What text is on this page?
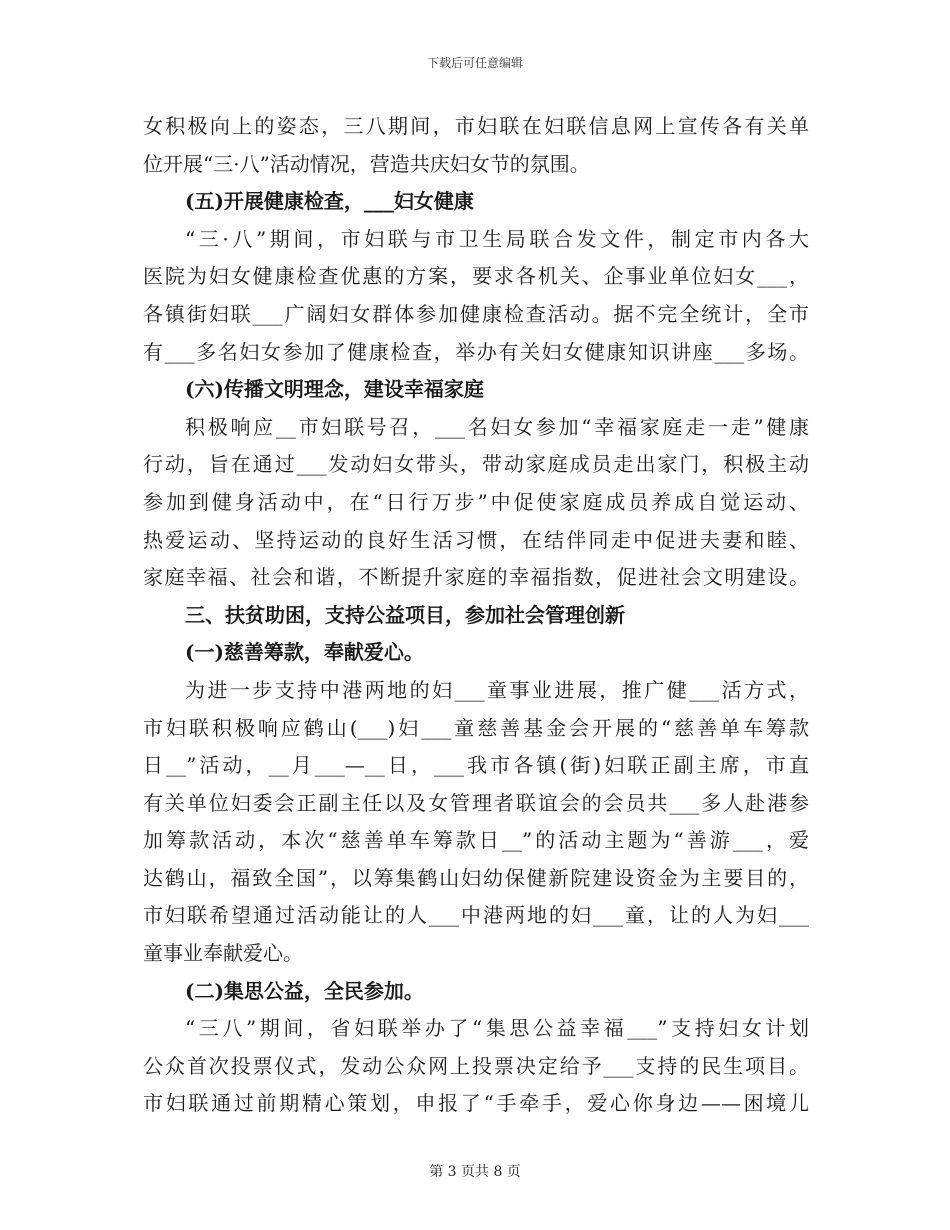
下载后可任意编辑
女积极向上的姿态，三八期间，市妇联在妇联信息网上宣传各有关单
位开展“三·八”活动情况，营造共庆妇女节的氛围。
(五)开展健康检查，___妇女健康
“三·八”期间，市妇联与市卫生局联合发文件，制定市内各大
医院为妇女健康检查优惠的方案，要求各机关、企事业单位妇女___，
各镇街妇联___广阔妇女群体参加健康检查活动。据不完全统计，全市
有___多名妇女参加了健康检查，举办有关妇女健康知识讲座___多场。
(六)传播文明理念，建设幸福家庭
积极响应__市妇联号召，___名妇女参加“幸福家庭走一走”健康
行动，旨在通过___发动妇女带头，带动家庭成员走出家门，积极主动
参加到健身活动中，在“日行万步”中促使家庭成员养成自觉运动、
热爱运动、坚持运动的良好生活习惯，在结伴同走中促进夫妻和睦、
家庭幸福、社会和谐，不断提升家庭的幸福指数，促进社会文明建设。
三、扶贫助困，支持公益项目，参加社会管理创新
(一)慈善筹款，奉献爱心。
为进一步支持中港两地的妇___童事业进展，推广健___活方式，
市妇联积极响应鹤山(___)妇___童慈善基金会开展的“慈善单车筹款
日__”活动，__月___—__日，___我市各镇(街)妇联正副主席，市直
有关单位妇委会正副主任以及女管理者联谊会的会员共___多人赴港参
加筹款活动，本次“慈善单车筹款日__”的活动主题为“善游___，爱
达鹤山，福致全国”，以筹集鹤山妇幼保健新院建设资金为主要目的，
市妇联希望通过活动能让的人___中港两地的妇___童，让的人为妇___
童事业奉献爱心。
(二)集思公益，全民参加。
“三八”期间，省妇联举办了“集思公益幸福___”支持妇女计划
公众首次投票仪式，发动公众网上投票决定给予___支持的民生项目。
市妇联通过前期精心策划，申报了“手牵手，爱心你身边——困境儿
第 3 页共 8 页
